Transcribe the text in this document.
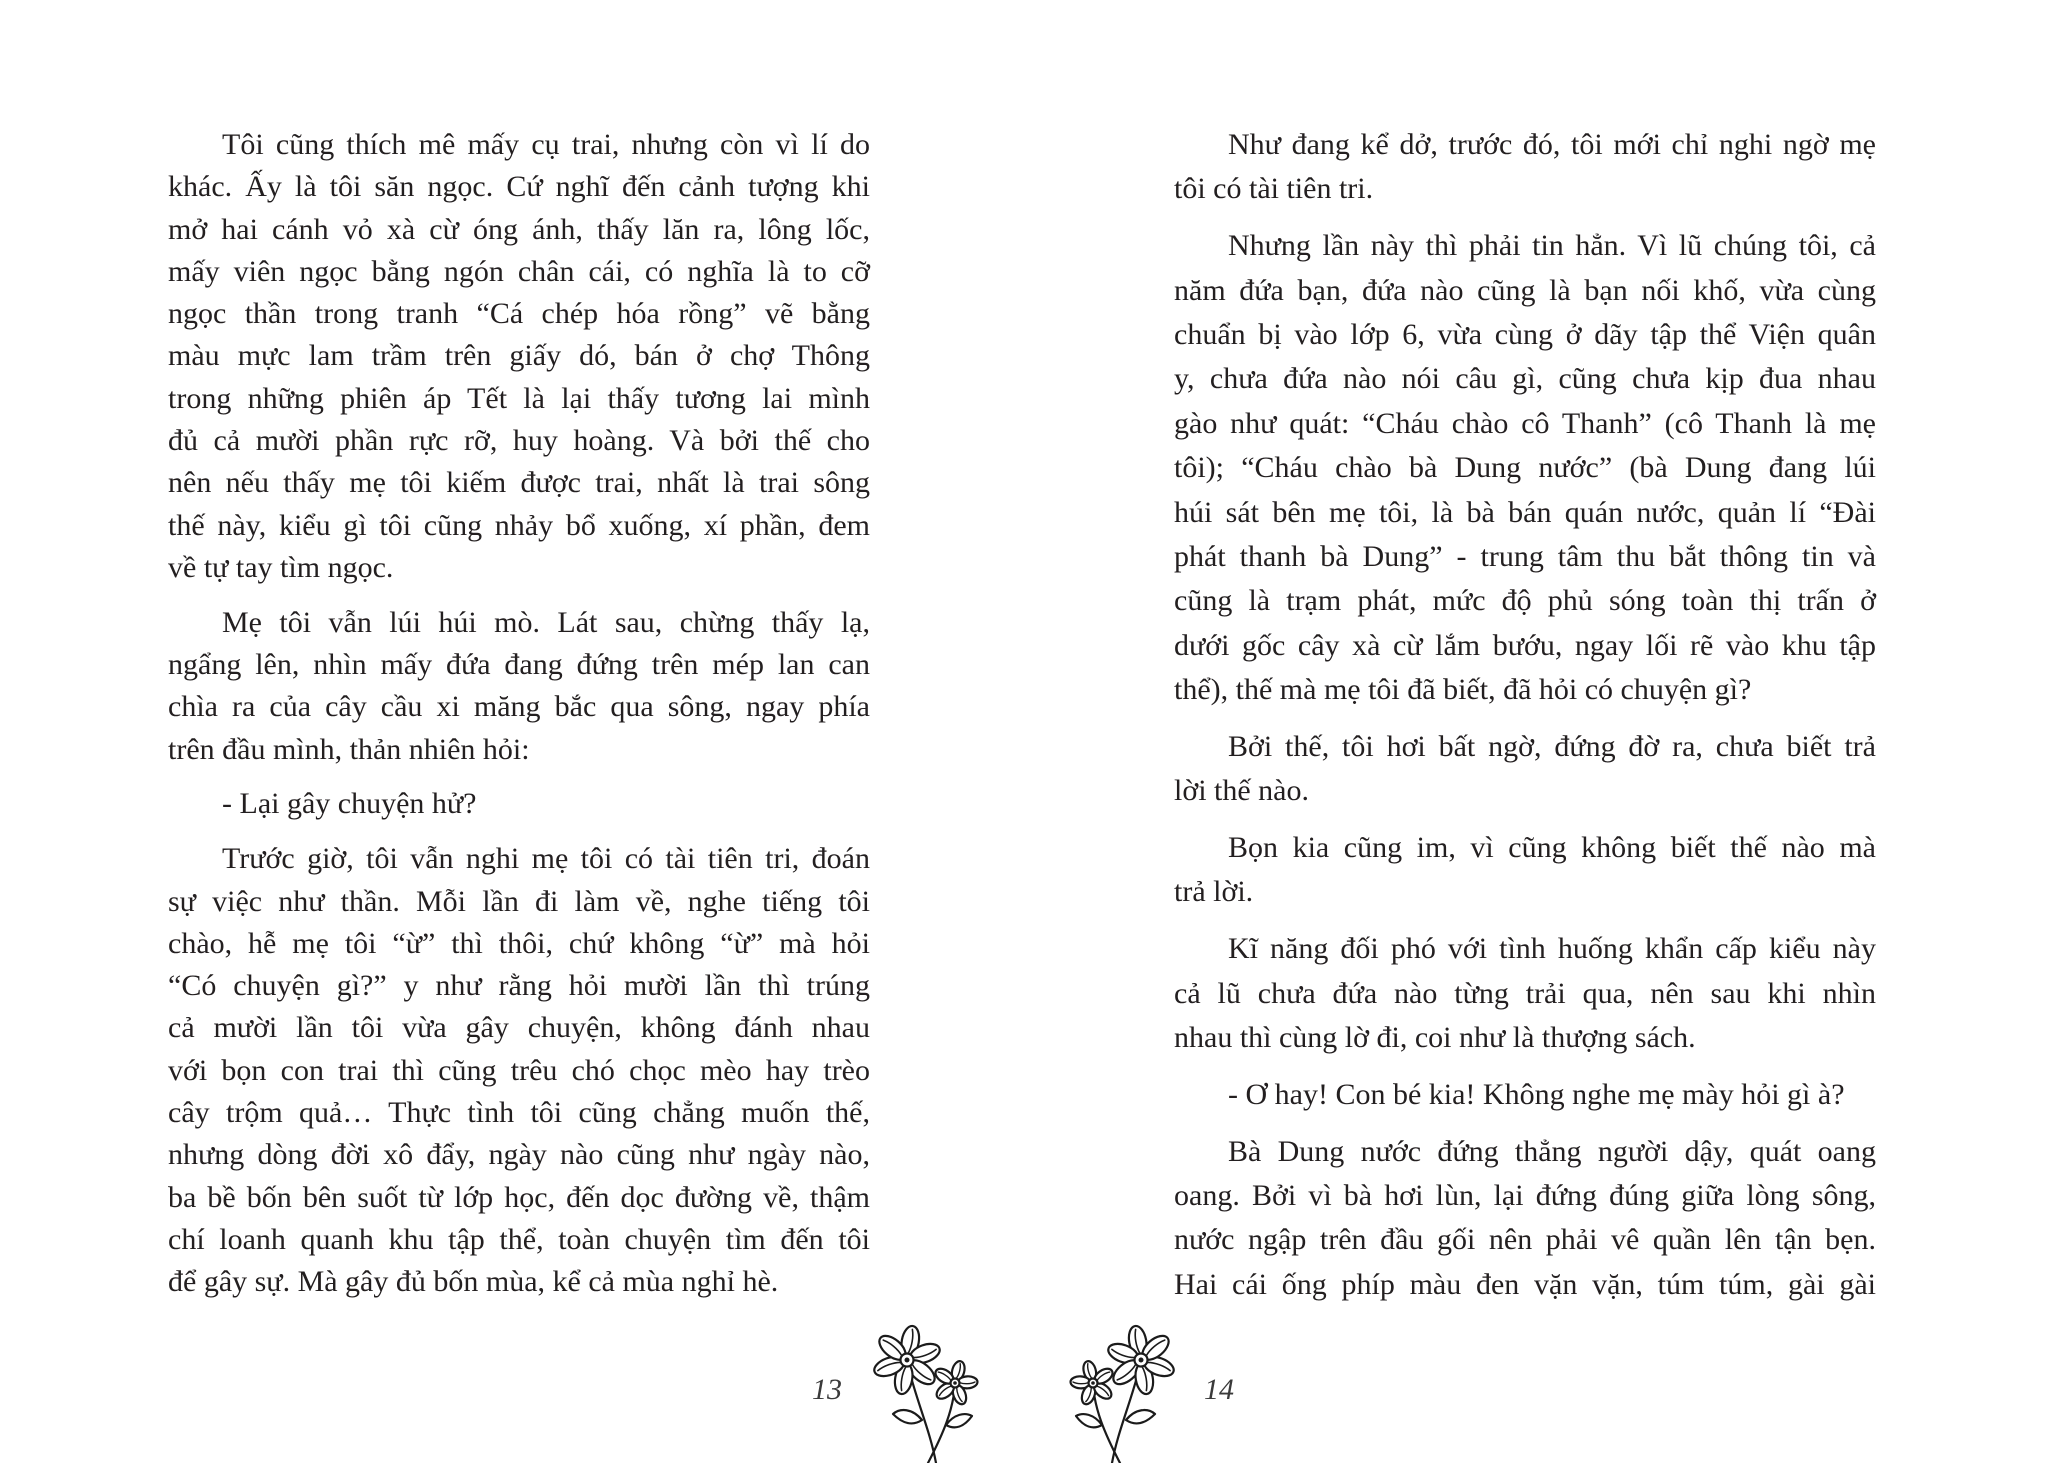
Tôi cũng thích mê mấy cụ trai, nhưng còn vì lí do
khác. Ấy là tôi săn ngọc. Cứ nghĩ đến cảnh tượng khi
mở hai cánh vỏ xà cừ óng ánh, thấy lăn ra, lông lốc,
mấy viên ngọc bằng ngón chân cái, có nghĩa là to cỡ
ngọc thần trong tranh “Cá chép hóa rồng” vẽ bằng
màu mực lam trầm trên giấy dó, bán ở chợ Thông
trong những phiên áp Tết là lại thấy tương lai mình
đủ cả mười phần rực rỡ, huy hoàng. Và bởi thế cho
nên nếu thấy mẹ tôi kiếm được trai, nhất là trai sông
thế này, kiểu gì tôi cũng nhảy bổ xuống, xí phần, đem
về tự tay tìm ngọc.
Mẹ tôi vẫn lúi húi mò. Lát sau, chừng thấy lạ,
ngẩng lên, nhìn mấy đứa đang đứng trên mép lan can
chìa ra của cây cầu xi măng bắc qua sông, ngay phía
trên đầu mình, thản nhiên hỏi:
- Lại gây chuyện hử?
Trước giờ, tôi vẫn nghi mẹ tôi có tài tiên tri, đoán
sự việc như thần. Mỗi lần đi làm về, nghe tiếng tôi
chào, hễ mẹ tôi “ừ” thì thôi, chứ không “ừ” mà hỏi
“Có chuyện gì?” y như rằng hỏi mười lần thì trúng
cả mười lần tôi vừa gây chuyện, không đánh nhau
với bọn con trai thì cũng trêu chó chọc mèo hay trèo
cây trộm quả… Thực tình tôi cũng chẳng muốn thế,
nhưng dòng đời xô đẩy, ngày nào cũng như ngày nào,
ba bề bốn bên suốt từ lớp học, đến dọc đường về, thậm
chí loanh quanh khu tập thể, toàn chuyện tìm đến tôi
để gây sự. Mà gây đủ bốn mùa, kể cả mùa nghỉ hè.
Như đang kể dở, trước đó, tôi mới chỉ nghi ngờ mẹ
tôi có tài tiên tri.
Nhưng lần này thì phải tin hẳn. Vì lũ chúng tôi, cả
năm đứa bạn, đứa nào cũng là bạn nối khố, vừa cùng
chuẩn bị vào lớp 6, vừa cùng ở dãy tập thể Viện quân
y, chưa đứa nào nói câu gì, cũng chưa kịp đua nhau
gào như quát: “Cháu chào cô Thanh” (cô Thanh là mẹ
tôi); “Cháu chào bà Dung nước” (bà Dung đang lúi
húi sát bên mẹ tôi, là bà bán quán nước, quản lí “Đài
phát thanh bà Dung” - trung tâm thu bắt thông tin và
cũng là trạm phát, mức độ phủ sóng toàn thị trấn ở
dưới gốc cây xà cừ lắm bướu, ngay lối rẽ vào khu tập
thể), thế mà mẹ tôi đã biết, đã hỏi có chuyện gì?
Bởi thế, tôi hơi bất ngờ, đứng đờ ra, chưa biết trả
lời thế nào.
Bọn kia cũng im, vì cũng không biết thế nào mà
trả lời.
Kĩ năng đối phó với tình huống khẩn cấp kiểu này
cả lũ chưa đứa nào từng trải qua, nên sau khi nhìn
nhau thì cùng lờ đi, coi như là thượng sách.
- Ơ hay! Con bé kia! Không nghe mẹ mày hỏi gì à?
Bà Dung nước đứng thẳng người dậy, quát oang
oang. Bởi vì bà hơi lùn, lại đứng đúng giữa lòng sông,
nước ngập trên đầu gối nên phải vê quần lên tận bẹn.
Hai cái ống phíp màu đen vặn vặn, túm túm, gài gài
13	14
